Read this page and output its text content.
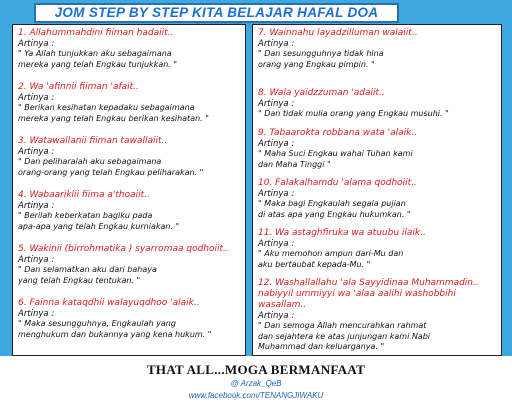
JOM STEP BY STEP KITA BELAJAR HAFAL DOA
1. Allahummahdini fiiman hadaiit..
Artinya :
" Ya Allah tunjukkan aku sebagaimana
mereka yang telah Engkau tunjukkan. "
2. Wa 'afinnii fiiman 'afait..
Artinya :
" Berikan kesihatan kepadaku sebagaimana
mereka yang telah Engkau berikan kesihatan. "
3. Watawallanii fiiman tawallaiit..
Artinya :
" Dan peliharalah aku sebagaimana
orang-orang yang telah Engkau peliharakan. "
4. Wabaariklii fiima a'thoaiit..
Artinya :
" Berilah keberkatan bagiku pada
apa-apa yang telah Engkau kurniakan. "
5. Wakinii (birrohmatika ) syarromaa qodhoiit..
Artinya :
" Dan selamatkan aku dari bahaya
yang telah Engkau tentukan. "
6. Fainna kataqdhii walayuqdhoo 'alaik..
Artinya :
" Maka sesungguhnya, Engkaulah yang
menghukum dan bukannya yang kena hukum. "
7. Wainnahu layadzilluman walaiit..
Artinya :
" Dan sesungguhnya tidak hina
orang yang Engkau pimpin. "
8. Wala yaidzzuman 'adaiit..
Artinya :
" Dan tidak mulia orang yang Engkau musuhi. "
9. Tabaarokta robbana wata 'alaik..
Artinya :
" Maha Suci Engkau wahai Tuhan kami
dan Maha Tinggi "
10. Falakalhamdu 'alama qodhoiit..
Artinya :
" Maka bagi Engkaulah segala pujian
di atas apa yang Engkau hukumkan. "
11. Wa astaghfiruka wa atuubu ilaik..
Artinya :
" Aku memohon ampun dari-Mu dan
aku bertaubat kepada-Mu. "
12. Washallallahu 'ala Sayyidinaa Muhammadin..
nabiyyil ummiyyi wa 'alaa aalihi washobbihi wasallam..
Artinya :
" Dan semoga Allah mencurahkan rahmat
dan sejahtera ke atas junjungan kami Nabi
Muhammad dan keluarganya. "
THAT ALL...MOGA BERMANFAAT
@ Arzak_QeB
www.facebook.com/TENANGJIWAKU
